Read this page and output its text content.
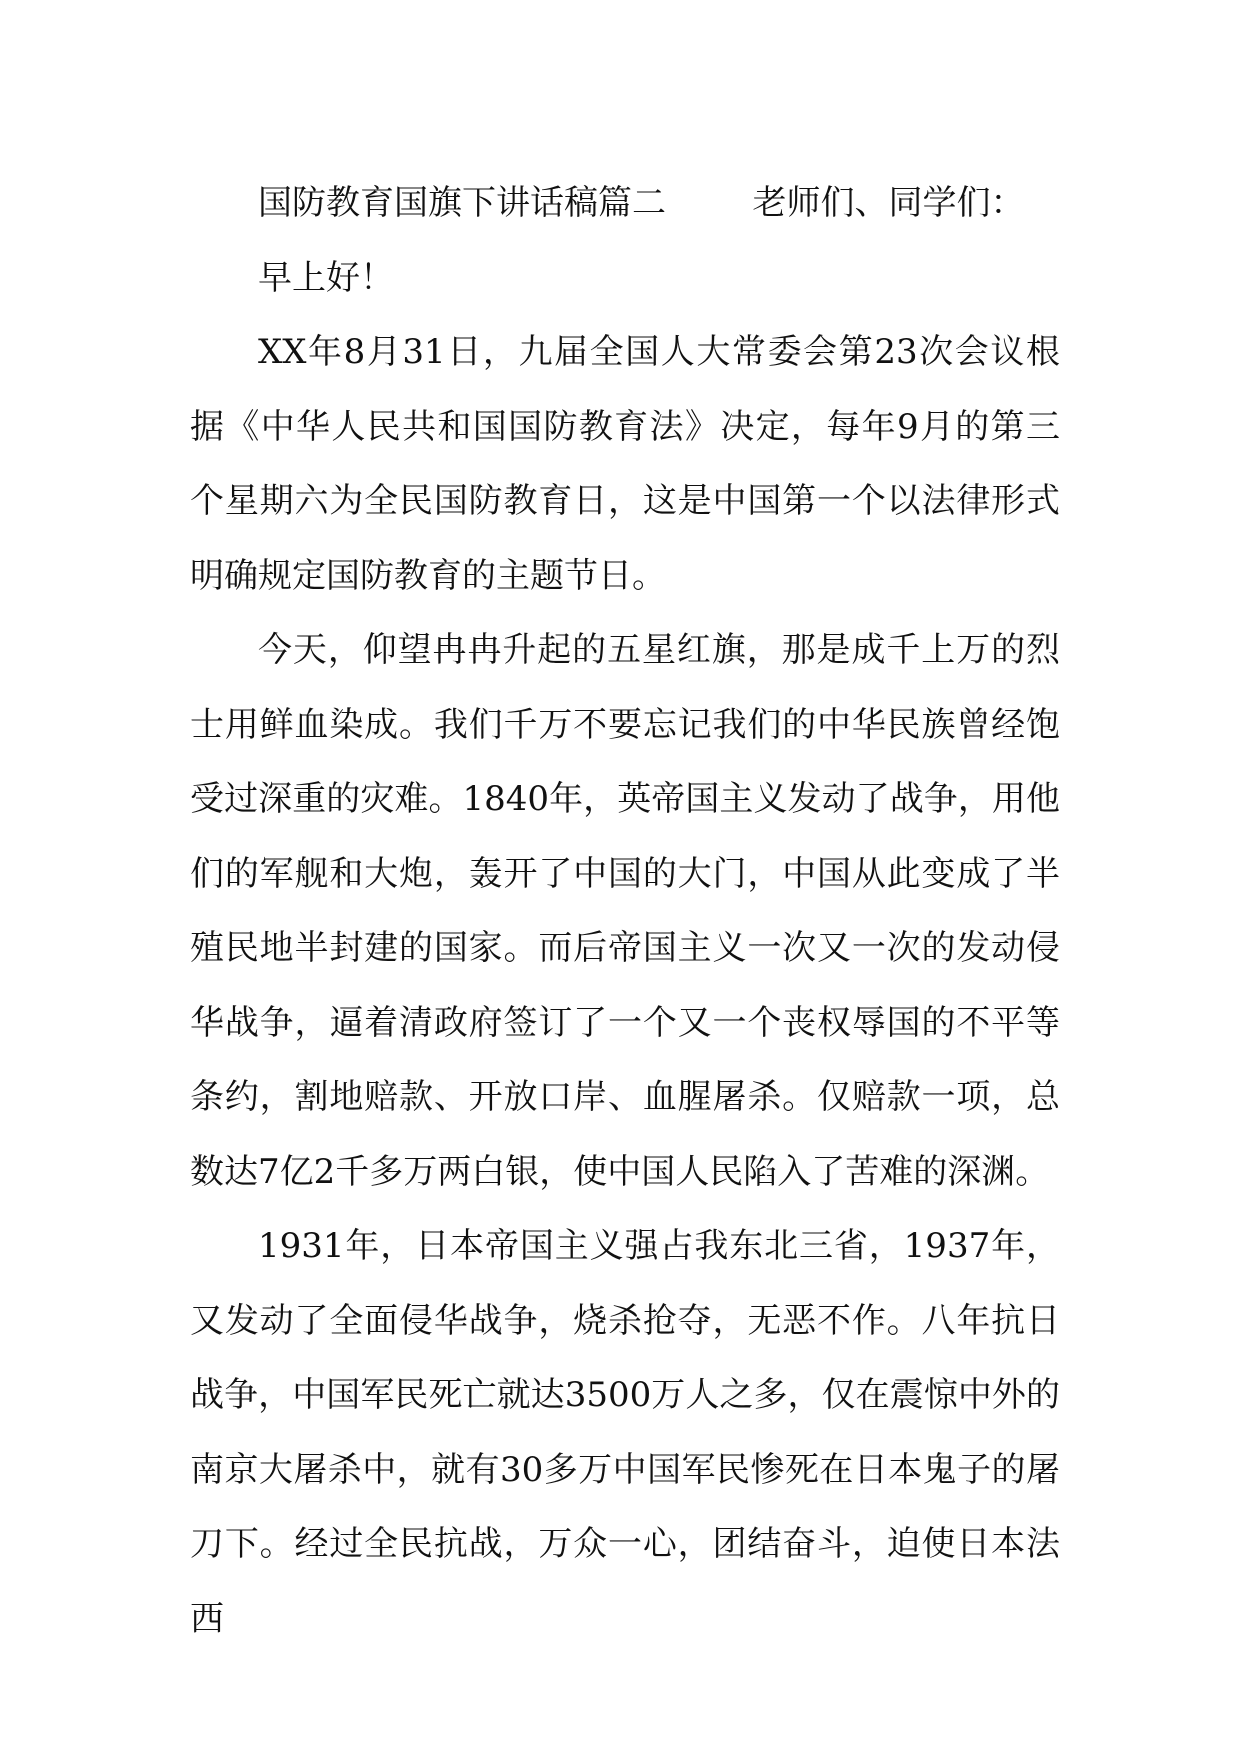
国防教育国旗下讲话稿篇二	老师们、同学们：

早上好！

XX年8月31日，九届全国人大常委会第23次会议根据《中华人民共和国国防教育法》决定，每年9月的第三个星期六为全民国防教育日，这是中国第一个以法律形式明确规定国防教育的主题节日。

今天，仰望冉冉升起的五星红旗，那是成千上万的烈士用鲜血染成。我们千万不要忘记我们的中华民族曾经饱受过深重的灾难。1840年，英帝国主义发动了战争，用他们的军舰和大炮，轰开了中国的大门，中国从此变成了半殖民地半封建的国家。而后帝国主义一次又一次的发动侵华战争，逼着清政府签订了一个又一个丧权辱国的不平等条约，割地赔款、开放口岸、血腥屠杀。仅赔款一项，总数达7亿2千多万两白银，使中国人民陷入了苦难的深渊。

1931年，日本帝国主义强占我东北三省，1937年，又发动了全面侵华战争，烧杀抢夺，无恶不作。八年抗日战争，中国军民死亡就达3500万人之多，仅在震惊中外的南京大屠杀中，就有30多万中国军民惨死在日本鬼子的屠刀下。经过全民抗战，万众一心，团结奋斗，迫使日本法西
